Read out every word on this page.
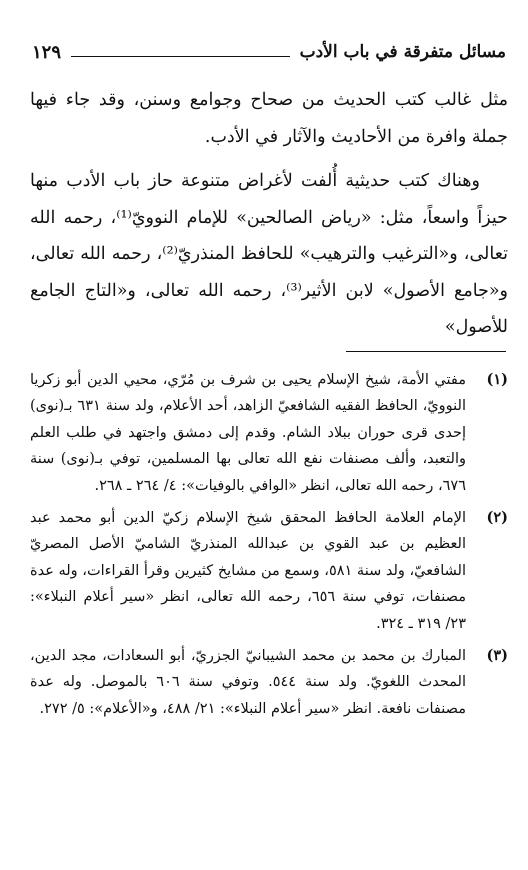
مسائل متفرقة في باب الأدب
١٢٩

مثل غالب كتب الحديث من صحاح وجوامع وسنن، وقد جاء فيها جملة وافرة من الأحاديث والآثار في الأدب.

وهناك كتب حديثية أُلفت لأغراض متنوعة حاز باب الأدب منها حيزاً واسعاً، مثل: «رياض الصالحين» للإمام النوويّ⁽¹⁾، رحمه الله تعالى، و«الترغيب والترهيب» للحافظ المنذريّ⁽²⁾، رحمه الله تعالى، و«جامع الأصول» لابن الأثير⁽³⁾، رحمه الله تعالى، و«التاج الجامع للأصول»

(١)
مفتي الأمة، شيخ الإسلام يحيى بن شرف بن مُرّي، محيي الدين أبو زكريا النوويّ، الحافظ الفقيه الشافعيّ الزاهد، أحد الأعلام، ولد سنة ٦٣١ بـ(نوى) إحدى قرى حوران ببلاد الشام. وقدم إلى دمشق واجتهد في طلب العلم والتعبد، وألف مصنفات نفع الله تعالى بها المسلمين، توفي بـ(نوى) سنة ٦٧٦، رحمه الله تعالى، انظر «الوافي بالوفيات»: ٤/ ٢٦٤ ـ ٢٦٨.
(٢)
الإمام العلامة الحافظ المحقق شيخ الإسلام زكيّ الدين أبو محمد عبد العظيم بن عبد القوي بن عبدالله المنذريّ الشاميّ الأصل المصريّ الشافعيّ، ولد سنة ٥٨١، وسمع من مشايخ كثيرين وقرأ القراءات، وله عدة مصنفات، توفي سنة ٦٥٦، رحمه الله تعالى، انظر «سير أعلام النبلاء»: ٢٣/ ٣١٩ ـ ٣٢٤.
(٣)
المبارك بن محمد بن محمد الشيبانيّ الجزريّ، أبو السعادات، مجد الدين، المحدث اللغويّ. ولد سنة ٥٤٤. وتوفي سنة ٦٠٦ بالموصل. وله عدة مصنفات نافعة. انظر «سير أعلام النبلاء»: ٢١/ ٤٨٨، و«الأعلام»: ٥/ ٢٧٢.
